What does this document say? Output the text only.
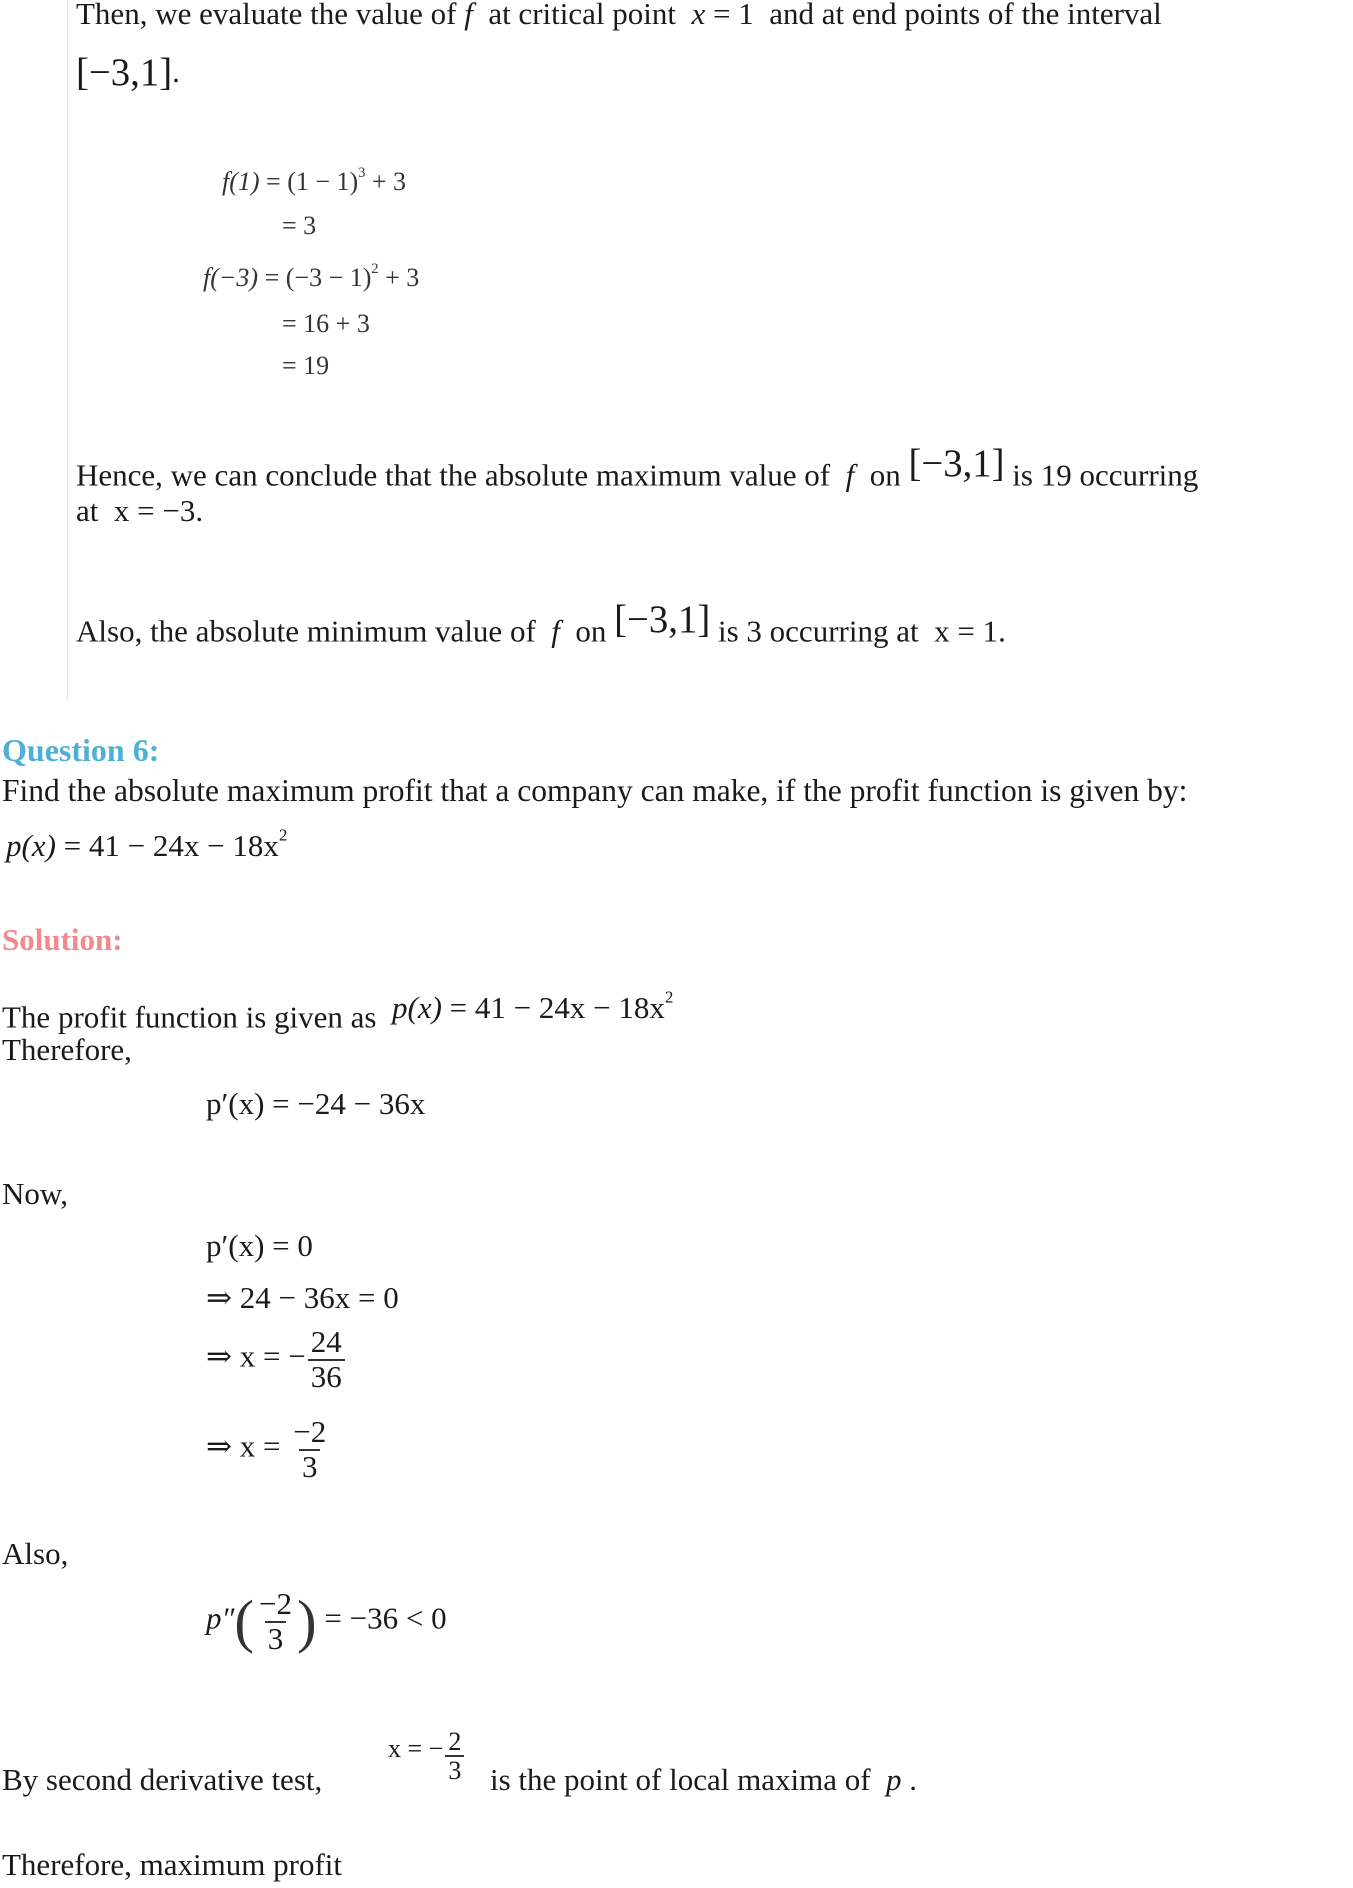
Then, we evaluate the value of f at critical point x = 1 and at end points of the interval
[−3,1].
$f(1) = (1 - 1)^3 + 3$
= 3
$f(-3) = (-3 - 1)^2 + 3$
= 16 + 3
= 19
Hence, we can conclude that the absolute maximum value of f on [−3,1] is 19 occurring
at x = −3.
Also, the absolute minimum value of f on [−3,1] is 3 occurring at x = 1.
Question 6:
Find the absolute maximum profit that a company can make, if the profit function is given by:
$p(x) = 41 - 24x - 18x^2$
Solution:
The profit function is given as $p(x) = 41 - 24x - 18x^2$
Therefore,
p′(x) = −24 − 36x
Now,
p′(x) = 0
⇒ 24 − 36x = 0
⇒ x = − $\frac{24}{36}$
⇒ $x = \frac{-2}{3}$
Also,
$p''( \frac{-2}{3}$ ) = −36 < 0
By second derivative test,
x = − $\frac{2}{3}$ is the point of local maxima of p .
Therefore, maximum profit
